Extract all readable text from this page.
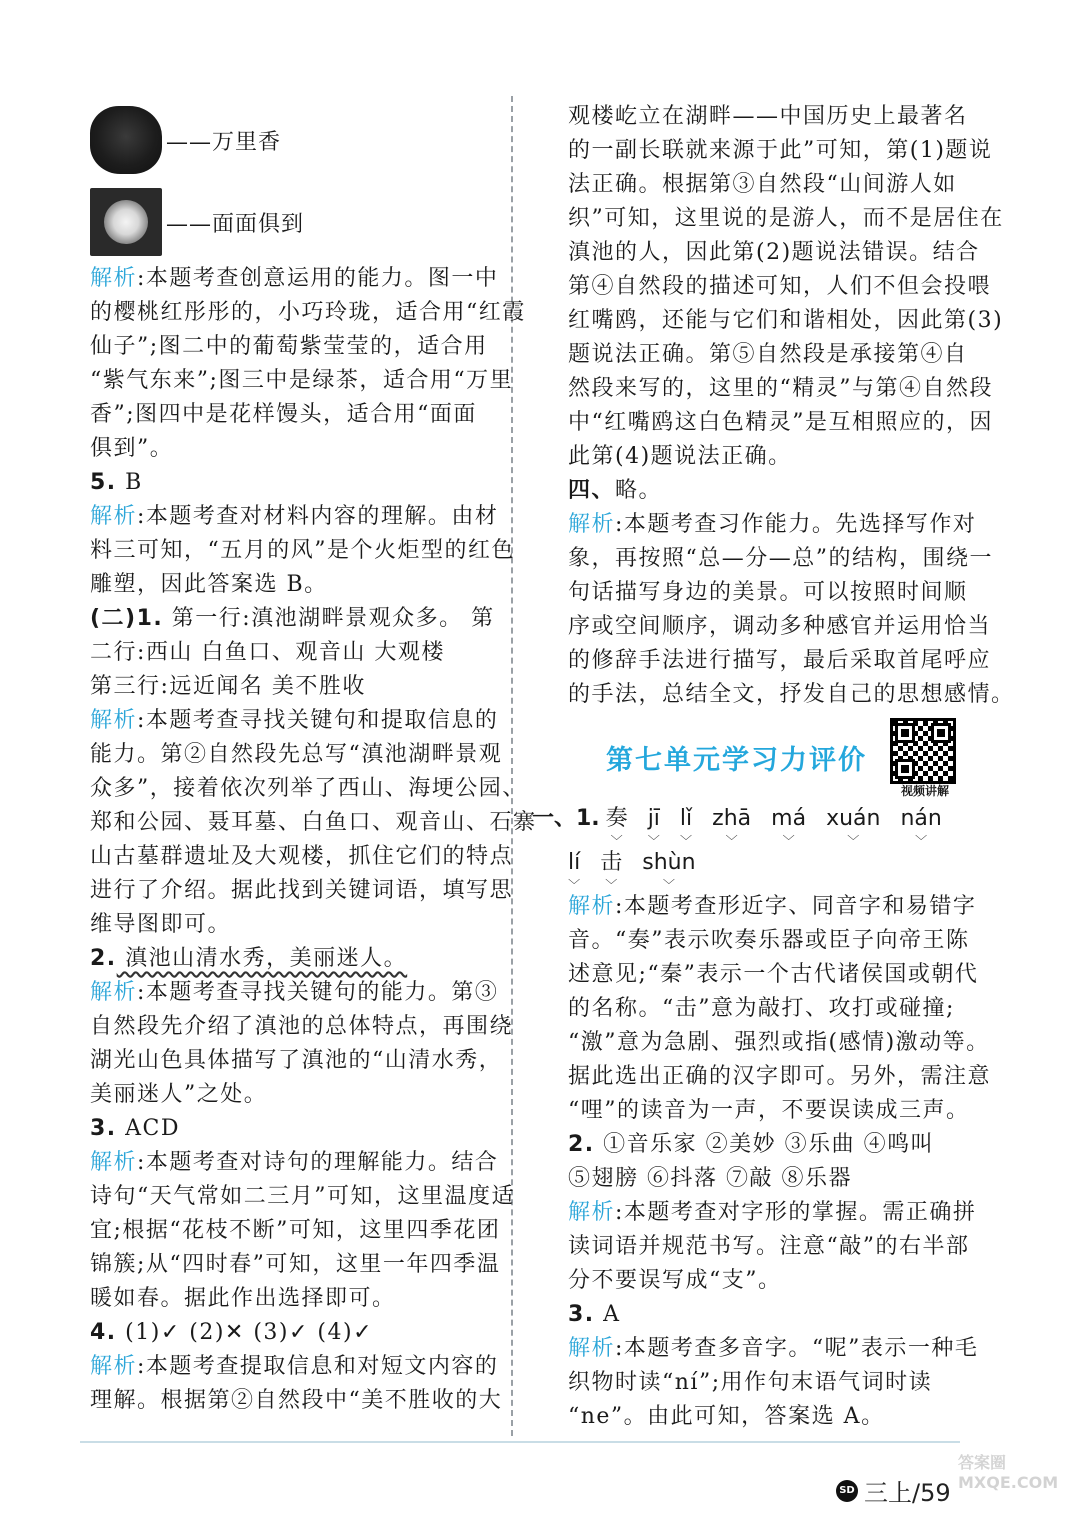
——万里香
——面面俱到
解析:本题考查创意运用的能力。图一中
的樱桃红彤彤的，小巧玲珑，适合用“红霞
仙子”;图二中的葡萄紫莹莹的，适合用
“紫气东来”;图三中是绿茶，适合用“万里
香”;图四中是花样馒头，适合用“面面
俱到”。
5. B
解析:本题考查对材料内容的理解。由材
料三可知，“五月的风”是个火炬型的红色
雕塑，因此答案选 B。
(二)1. 第一行:滇池湖畔景观众多。 第
二行:西山 白鱼口、观音山 大观楼
第三行:远近闻名 美不胜收
解析:本题考查寻找关键句和提取信息的
能力。第②自然段先总写“滇池湖畔景观
众多”，接着依次列举了西山、海埂公园、
郑和公园、聂耳墓、白鱼口、观音山、石寨
山古墓群遗址及大观楼，抓住它们的特点
进行了介绍。据此找到关键词语，填写思
维导图即可。
2. 滇池山清水秀，美丽迷人。
解析:本题考查寻找关键句的能力。第③
自然段先介绍了滇池的总体特点，再围绕
湖光山色具体描写了滇池的“山清水秀，
美丽迷人”之处。
3. ACD
解析:本题考查对诗句的理解能力。结合
诗句“天气常如二三月”可知，这里温度适
宜;根据“花枝不断”可知，这里四季花团
锦簇;从“四时春”可知，这里一年四季温
暖如春。据此作出选择即可。
4. (1)✓ (2)✕ (3)✓ (4)✓
解析:本题考查提取信息和对短文内容的
理解。根据第②自然段中“美不胜收的大
观楼屹立在湖畔——中国历史上最著名
的一副长联就来源于此”可知，第(1)题说
法正确。根据第③自然段“山间游人如
织”可知，这里说的是游人，而不是居住在
滇池的人，因此第(2)题说法错误。结合
第④自然段的描述可知，人们不但会投喂
红嘴鸥，还能与它们和谐相处，因此第(3)
题说法正确。第⑤自然段是承接第④自
然段来写的，这里的“精灵”与第④自然段
中“红嘴鸥这白色精灵”是互相照应的，因
此第(4)题说法正确。
四、略。
解析:本题考查习作能力。先选择写作对
象，再按照“总—分—总”的结构，围绕一
句话描写身边的美景。可以按照时间顺
序或空间顺序，调动多种感官并运用恰当
的修辞手法进行描写，最后采取首尾呼应
的手法，总结全文，抒发自己的思想感情。
第七单元学习力评价
视频讲解
一、1. 奏
﹀
jī
﹀
lǐ
﹀
zhā
﹀
má
﹀
xuán
﹀
nán
﹀
lí
﹀
击
﹀
shùn
﹀
解析:本题考查形近字、同音字和易错字
音。“奏”表示吹奏乐器或臣子向帝王陈
述意见;“秦”表示一个古代诸侯国或朝代
的名称。“击”意为敲打、攻打或碰撞;
“激”意为急剧、强烈或指(感情)激动等。
据此选出正确的汉字即可。另外，需注意
“哩”的读音为一声，不要误读成三声。
2. ①音乐家 ②美妙 ③乐曲 ④鸣叫
⑤翅膀 ⑥抖落 ⑦敲 ⑧乐器
解析:本题考查对字形的掌握。需正确拼
读词语并规范书写。注意“敲”的右半部
分不要误写成“支”。
3. A
解析:本题考查多音字。“呢”表示一种毛
织物时读“ní”;用作句末语气词时读
“ne”。由此可知，答案选 A。
SD 三上/59
答案圈 MXQE.COM
